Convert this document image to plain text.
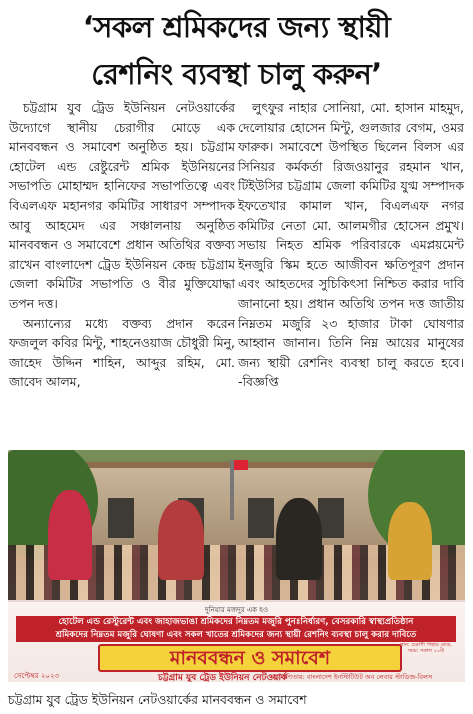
‘সকল শ্রমিকদের জন্য স্থায়ী
রেশনিং ব্যবস্থা চালু করুন’

চট্টগ্রাম যুব ট্রেড ইউনিয়ন নেটওয়ার্কের উদ্যোগে স্থানীয় চেরাগীর মোড়ে এক মানববন্ধন ও সমাবেশ অনুষ্ঠিত হয়। চট্টগ্রাম হোটেল এন্ড রেষ্টুরেন্ট শ্রমিক ইউনিয়নের সভাপতি মোহাম্মদ হানিফের সভাপতিত্বে এবং বিএলএফ মহানগর কমিটির সাধারণ সম্পাদক আবু আহমেদ এর সঞ্চালনায় অনুষ্ঠিত মানববন্ধন ও সমাবেশে প্রধান অতিথির বক্তব্য রাখেন বাংলাদেশ ট্রেড ইউনিয়ন কেন্দ্র চট্টগ্রাম জেলা কমিটির সভাপতি ও বীর মুক্তিযোদ্ধা তপন দত্ত।

অন্যান্যের মধ্যে বক্তব্য প্রদান করেন ফজলুল কবির মিন্টু, শাহনেওয়াজ চৌধুরী মিনু, জাহেদ উদ্দিন শাহিন, আব্দুর রহিম, মো. জাবেদ আলম,

লুৎফুর নাহার সোনিয়া, মো. হাসান মাহমুদ, দেলোয়ার হোসেন মিন্টু, গুলজার বেগম, ওমর ফারুক। সমাবেশে উপস্থিত ছিলেন বিলস এর সিনিয়র কর্মকর্তা রিজওয়ানুর রহমান খান, টিইউসির চট্টগ্রাম জেলা কমিটির যুগ্ম সম্পাদক ইফতেখার কামাল খান, বিএলএফ নগর কমিটির নেতা মো. আলমগীর হোসেন প্রমুখ। সভায় নিহত শ্রমিক পরিবারকে এমপ্লয়মেন্ট ইনজুরি স্কিম হতে আজীবন ক্ষতিপূরণ প্রদান এবং আহতদের সুচিকিৎসা নিশ্চিত করার দাবি জানানো হয়। প্রধান অতিথি তপন দত্ত জাতীয় নিম্নতম মজুরি ২৩ হাজার টাকা ঘোষণার আহ্বান জানান। তিনি নিম্ন আয়ের মানুষের জন্য স্থায়ী রেশনিং ব্যবস্থা চালু করতে হবে। -বিজ্ঞপ্তি

দুনিয়ার মজদুর এক হও
হোটেল এন্ড রেস্টুরেন্ট এবং জাহাজভাঙা শ্রমিকদের নিম্নতম মজুরি পুনঃনির্ধারণ, বেসরকারি স্বাস্থ্যপ্রতিষ্ঠান
শ্রমিকদের নিম্নতম মজুরি ঘোষণা এবং সকল খাতের শ্রমিকদের জন্য স্থায়ী রেশনিং ব্যবস্থা চালু করার দাবিতে
মানববন্ধন ও সমাবেশ
স্থান: চেরাগী পাহাড় মোড়, সময়: সকাল ১০টা
সেপ্টেম্বর ২০২৩	চট্টগ্রাম যুব ট্রেড ইউনিয়ন নেটওয়ার্ক
সহযোগিতায়: বাংলাদেশ ইনস্টিটিউট অব লেবার স্টাডিজ-বিলস
চট্টগ্রাম যুব ট্রেড ইউনিয়ন নেটওয়ার্কের মানববন্ধন ও সমাবেশ
